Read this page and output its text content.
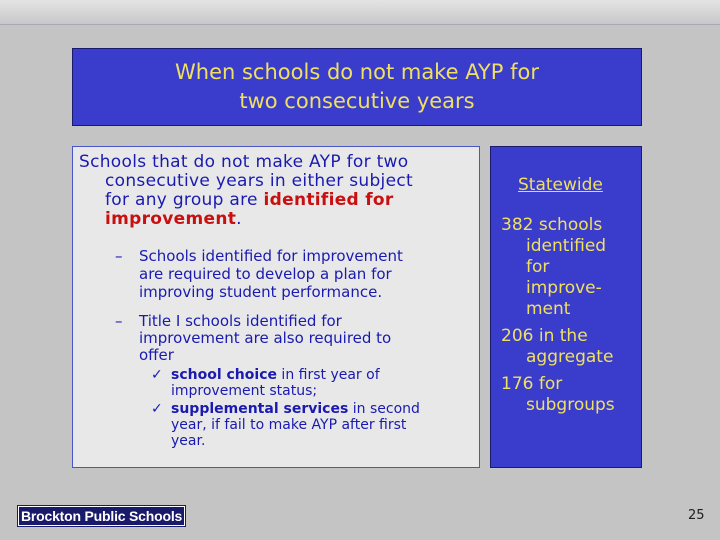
When schools do not make AYP for
two consecutive years
Schools that do not make AYP for two
consecutive years in either subject
for any group are identified for
improvement.
–	Schools identified for improvement
are required to develop a plan for
improving student performance.
–	Title I schools identified for
improvement are also required to
offer
✓ school choice in first year of
improvement status;
✓ supplemental services in second
year, if fail to make AYP after first
year.
Statewide
382 schools
identified
for
improve-
ment
206 in the
aggregate
176 for
subgroups
Brockton Public Schools	25
